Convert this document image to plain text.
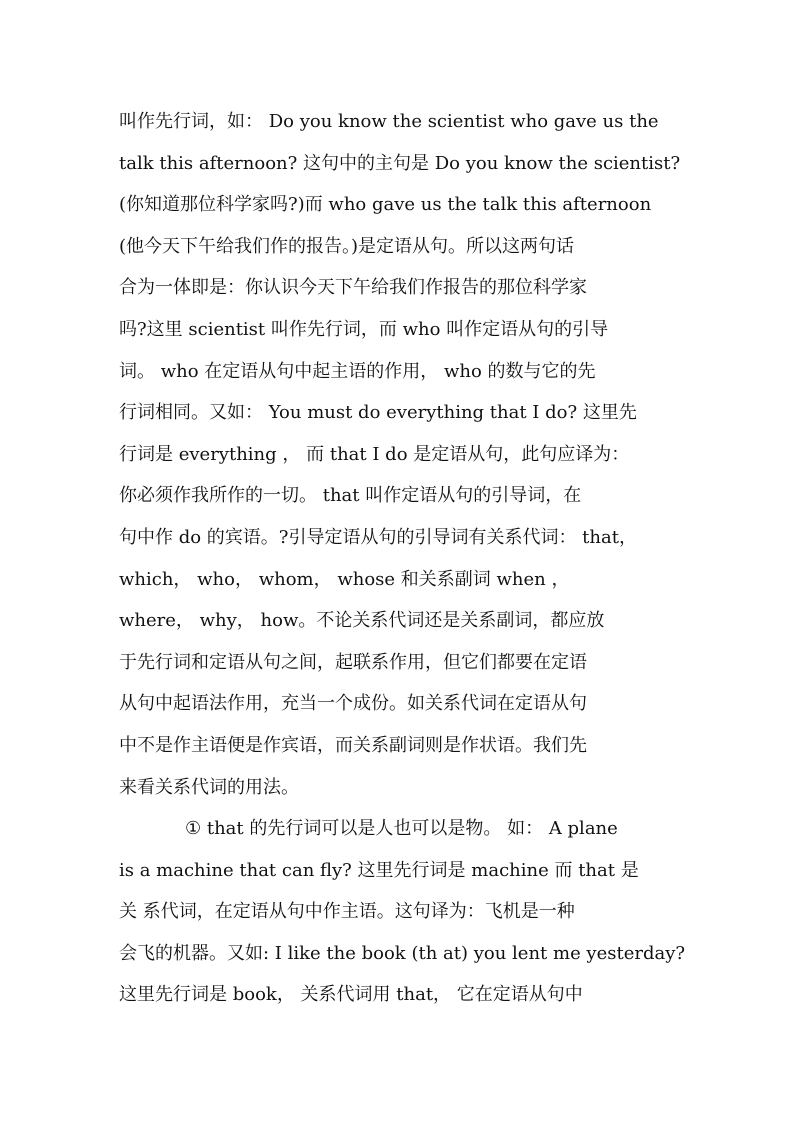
叫作先行词，如： Do you know the scientist who gave us the
talk this afternoon? 这句中的主句是 Do you know the scientist?
(你知道那位科学家吗?)而 who gave us the talk this afternoon
(他今天下午给我们作的报告。)是定语从句。所以这两句话
合为一体即是：你认识今天下午给我们作报告的那位科学家
吗?这里 scientist 叫作先行词，而 who 叫作定语从句的引导
词。 who 在定语从句中起主语的作用， who 的数与它的先
行词相同。又如： You must do everything that I do? 这里先
行词是 everything ， 而 that I do 是定语从句，此句应译为：
你必须作我所作的一切。 that 叫作定语从句的引导词，在
句中作 do 的宾语。?引导定语从句的引导词有关系代词： that，
which， who， whom， whose 和关系副词 when ，
where， why， how。不论关系代词还是关系副词，都应放
于先行词和定语从句之间，起联系作用，但它们都要在定语
从句中起语法作用，充当一个成份。如关系代词在定语从句
中不是作主语便是作宾语，而关系副词则是作状语。我们先
来看关系代词的用法。
① that 的先行词可以是人也可以是物。 如： A plane
is a machine that can fly? 这里先行词是 machine 而 that 是
关 系代词，在定语从句中作主语。这句译为：飞机是一种
会飞的机器。又如: I like the book (th at) you lent me yesterday?
这里先行词是 book， 关系代词用 that， 它在定语从句中
